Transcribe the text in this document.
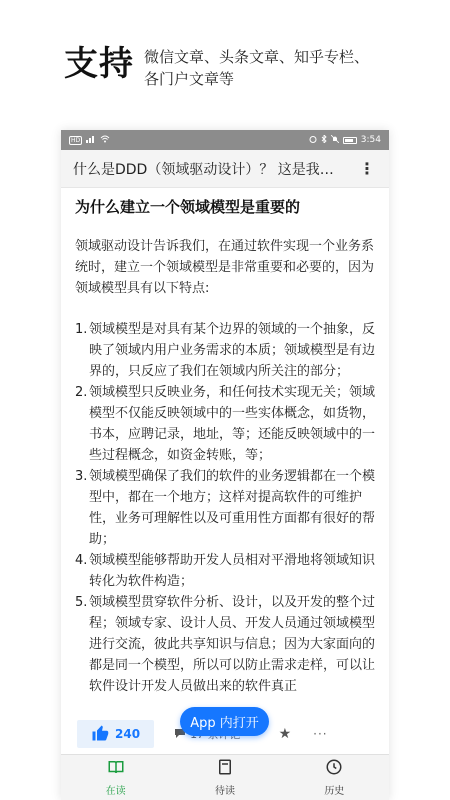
支持 微信文章、头条文章、知乎专栏、
各门户文章等
HD	3:54
什么是DDD（领域驱动设计）？ 这是我…	⋮
为什么建立一个领域模型是重要的
领域驱动设计告诉我们，在通过软件实现一个业务系统时，建立一个领域模型是非常重要和必要的，因为领域模型具有以下特点:
1. 领域模型是对具有某个边界的领域的一个抽象，反映了领域内用户业务需求的本质；领域模型是有边界的，只反应了我们在领域内所关注的部分；
2. 领域模型只反映业务，和任何技术实现无关；领域模型不仅能反映领域中的一些实体概念，如货物，书本，应聘记录，地址，等；还能反映领域中的一些过程概念，如资金转账，等；
3. 领域模型确保了我们的软件的业务逻辑都在一个模型中，都在一个地方；这样对提高软件的可维护性，业务可理解性以及可重用性方面都有很好的帮助；
4. 领域模型能够帮助开发人员相对平滑地将领域知识转化为软件构造；
5. 领域模型贯穿软件分析、设计，以及开发的整个过程；领域专家、设计人员、开发人员通过领域模型进行交流，彼此共享知识与信息；因为大家面向的都是同一个模型，所以可以防止需求走样，可以让软件设计开发人员做出来的软件真正
App 内打开
240	★ ···
在读	待读	历史
